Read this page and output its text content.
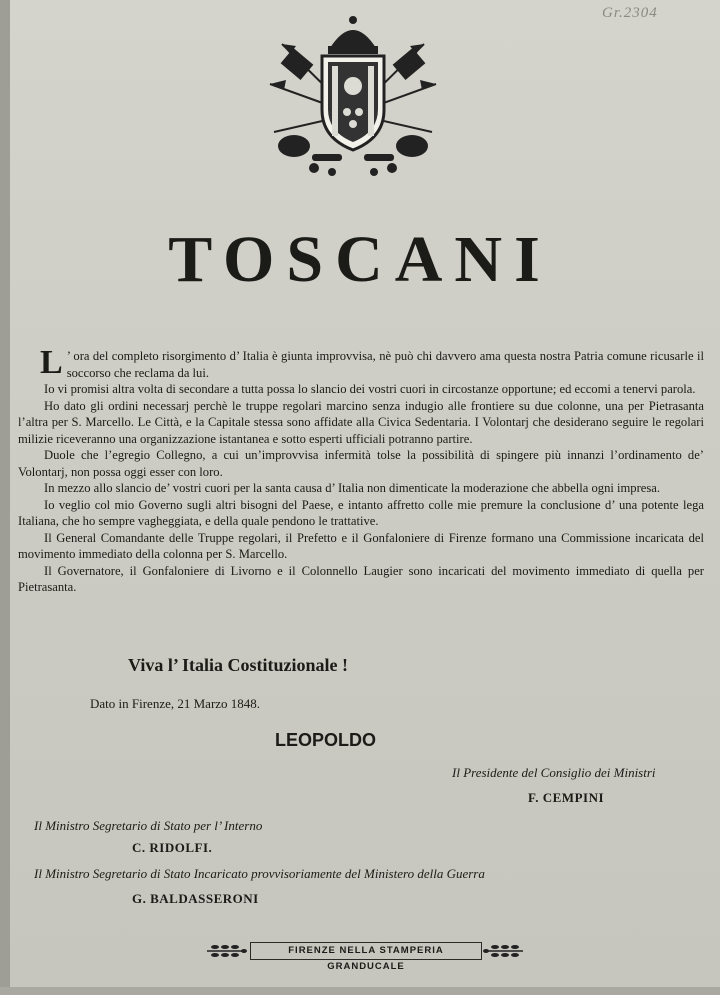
Gr.2304
TOSCANI

L ’ ora del completo risorgimento d’ Italia è giunta improvvisa, nè può chi davvero ama questa nostra Patria comune ricusarle il soccorso che reclama da lui.

Io vi promisi altra volta di secondare a tutta possa lo slancio dei vostri cuori in circostanze opportune; ed eccomi a tenervi parola.

Ho dato gli ordini necessarj perchè le truppe regolari marcino senza indugio alle frontiere su due colonne, una per Pietrasanta l’altra per S. Marcello. Le Città, e la Capitale stessa sono affidate alla Civica Sedentaria. I Volontarj che desiderano seguire le regolari milizie riceveranno una organizzazione istantanea e sotto esperti ufficiali potranno partire.

Duole che l’egregio Collegno, a cui un’improvvisa infermità tolse la possibilità di spingere più innanzi l’ordinamento de’ Volontarj, non possa oggi esser con loro.

In mezzo allo slancio de’ vostri cuori per la santa causa d’ Italia non dimenticate la moderazione che abbella ogni impresa.

Io veglio col mio Governo sugli altri bisogni del Paese, e intanto affretto colle mie premure la conclusione d’ una potente lega Italiana, che ho sempre vagheggiata, e della quale pendono le trattative.

Il General Comandante delle Truppe regolari, il Prefetto e il Gonfaloniere di Firenze formano una Commissione incaricata del movimento immediato della colonna per S. Marcello.

Il Governatore, il Gonfaloniere di Livorno e il Colonnello Laugier sono incaricati del movimento immediato di quella per Pietrasanta.

Viva l’ Italia Costituzionale !

Dato in Firenze, 21 Marzo 1848.

LEOPOLDO

Il Presidente del Consiglio dei Ministri

F. CEMPINI

Il Ministro Segretario di Stato per l’ Interno

C. RIDOLFI.

Il Ministro Segretario di Stato Incaricato provvisoriamente del Ministero della Guerra

G. BALDASSERONI

FIRENZE NELLA STAMPERIA GRANDUCALE
